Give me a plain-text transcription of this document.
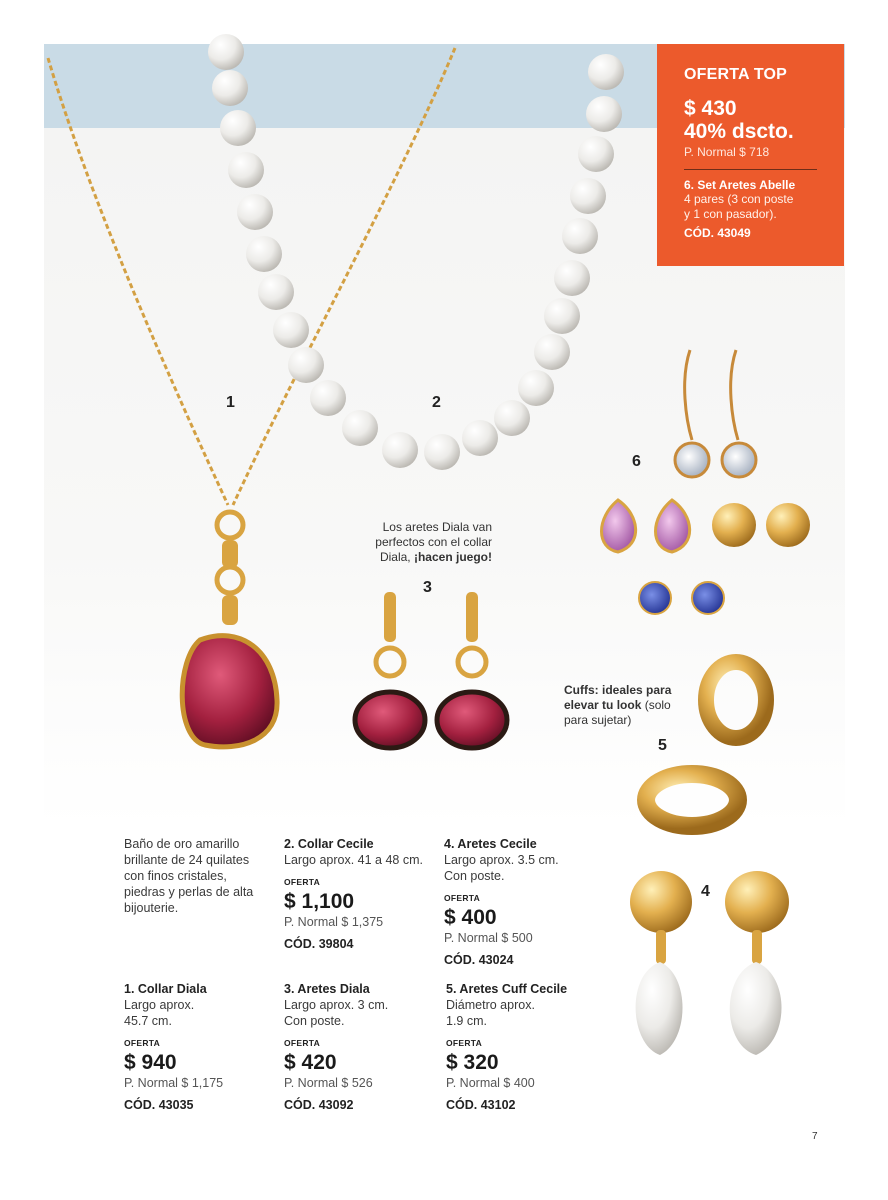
OFERTA TOP
$ 430
40% dscto.
P. Normal $ 718
6. Set Aretes Abelle
4 pares (3 con poste
y 1 con pasador).
CÓD. 43049
1	2
3
4
5
6
Los aretes Diala van
perfectos con el collar
Diala, ¡hacen juego!
Cuffs: ideales para
elevar tu look (solo
para sujetar)
Baño de oro amarillo
brillante de 24 quilates
con finos cristales,
piedras y perlas de alta
bijouterie.
2. Collar Cecile
Largo aprox. 41 a 48 cm.
OFERTA
$ 1,100
P. Normal $ 1,375
CÓD. 39804
4. Aretes Cecile
Largo aprox. 3.5 cm.
Con poste.
OFERTA
$ 400
P. Normal $ 500
CÓD. 43024
1. Collar Diala
Largo aprox.
45.7 cm.
OFERTA
$ 940
P. Normal $ 1,175
CÓD. 43035
3. Aretes Diala
Largo aprox. 3 cm.
Con poste.
OFERTA
$ 420
P. Normal $ 526
CÓD. 43092
5. Aretes Cuff Cecile
Diámetro aprox.
1.9 cm.
OFERTA
$ 320
P. Normal $ 400
CÓD. 43102
7
